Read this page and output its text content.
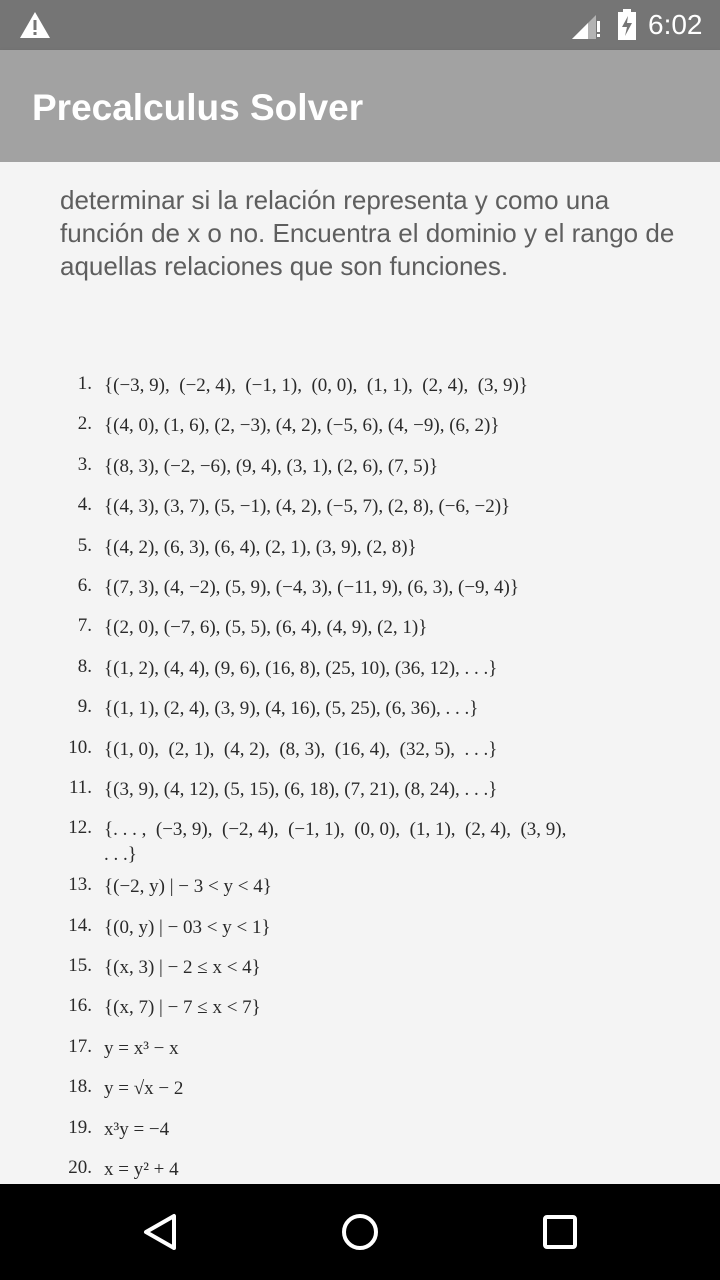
6:02
Precalculus Solver
determinar si la relación representa y como una función de x o no. Encuentra el dominio y el rango de aquellas relaciones que son funciones.
1. {(−3, 9),  (−2, 4),  (−1, 1),  (0, 0),  (1, 1),  (2, 4),  (3, 9)}
2. {(4, 0), (1, 6), (2, −3), (4, 2), (−5, 6), (4, −9), (6, 2)}
3. {(8, 3), (−2, −6), (9, 4), (3, 1), (2, 6), (7, 5)}
4. {(4, 3), (3, 7), (5, −1), (4, 2), (−5, 7), (2, 8), (−6, −2)}
5. {(4, 2), (6, 3), (6, 4), (2, 1), (3, 9), (2, 8)}
6. {(7, 3), (4, −2), (5, 9), (−4, 3), (−11, 9), (6, 3), (−9, 4)}
7. {(2, 0), (−7, 6), (5, 5), (6, 4), (4, 9), (2, 1)}
8. {(1, 2), (4, 4), (9, 6), (16, 8), (25, 10), (36, 12), . . .}
9. {(1, 1), (2, 4), (3, 9), (4, 16), (5, 25), (6, 36), . . .}
10. {(1, 0),  (2, 1),  (4, 2),  (8, 3),  (16, 4),  (32, 5),  . . .}
11. {(3, 9), (4, 12), (5, 15), (6, 18), (7, 21), (8, 24), . . .}
12. {. . . ,  (−3, 9),  (−2, 4),  (−1, 1),  (0, 0),  (1, 1),  (2, 4),  (3, 9),
. . .}
13. {(−2, y) | − 3 < y < 4}
14. {(0, y) | − 03 < y < 1}
15. {(x, 3) | − 2 ≤ x < 4}
16. {(x, 7) | − 7 ≤ x < 7}
17. y = x³ − x
18. y = √x − 2
19. x³y = −4
20. x = y² + 4
